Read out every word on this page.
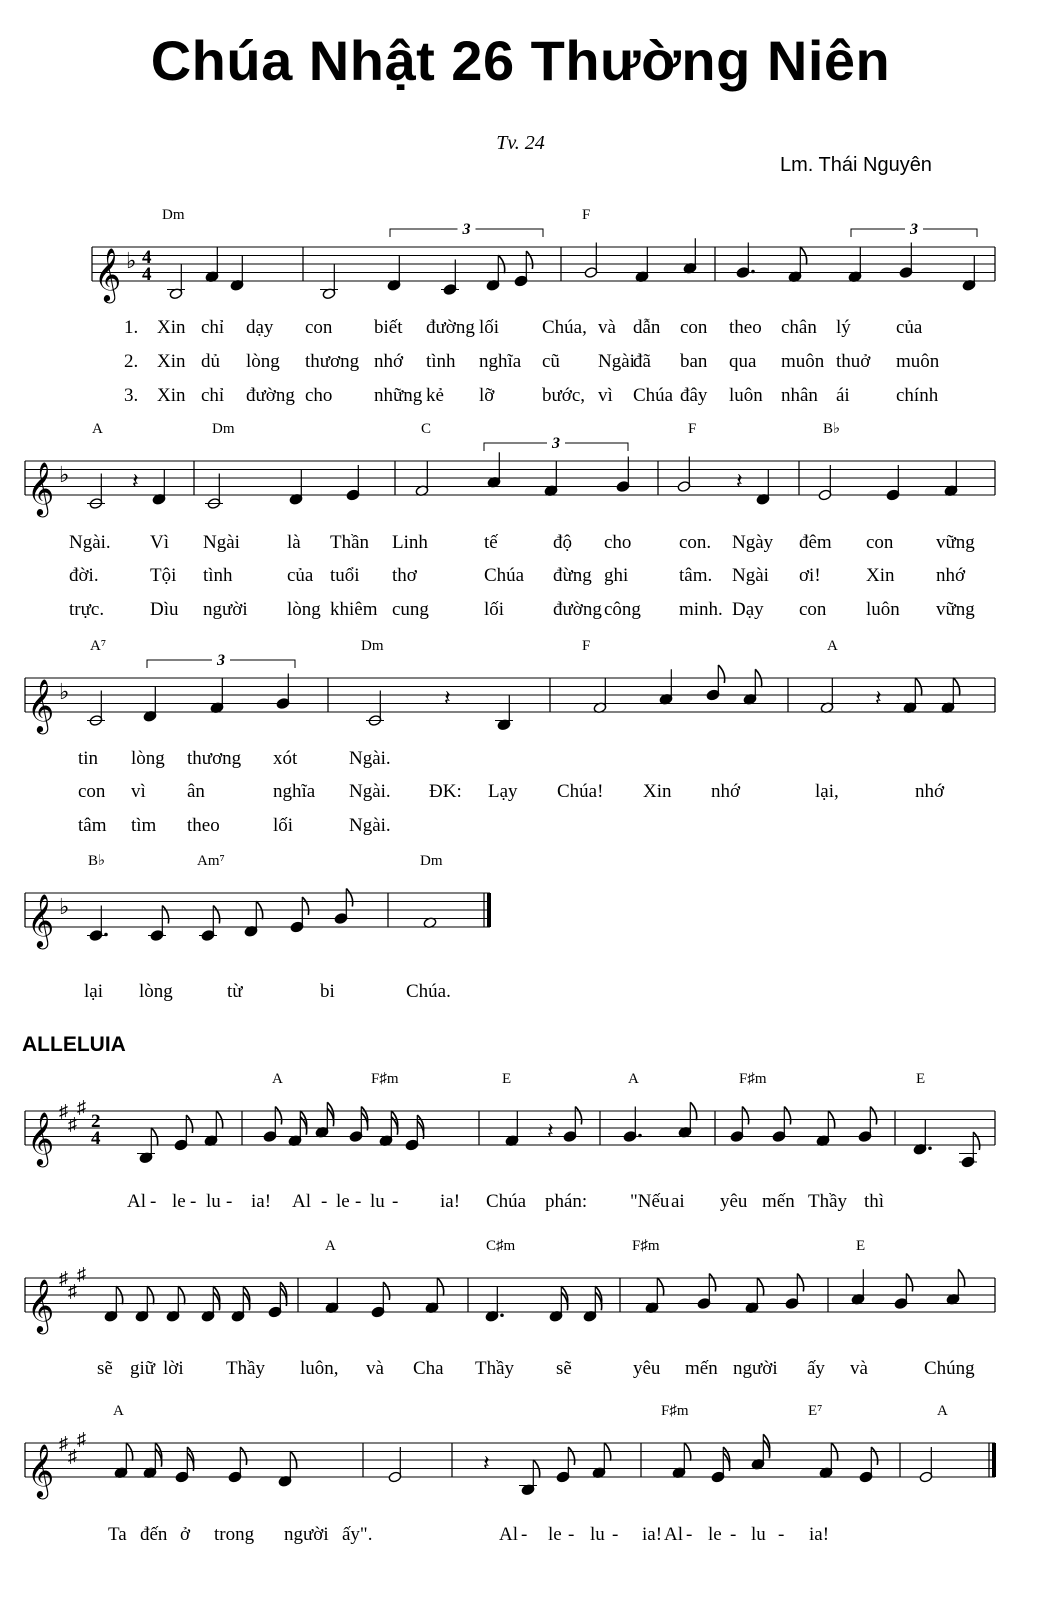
Chúa Nhật 26 Thường Niên
Tv. 24
Lm. Thái Nguyên
ALLELUIA
𝄞 ♭ 4
4
3	3
Dm	F
1. Xin chỉ dạy con biết đường lối Chúa, và dẫn con theo chân lý của
2. Xin dủ lòng thương nhớ tình nghĩa cũ Ngài
đã ban qua muôn thuở muôn
3. Xin chỉ đường cho những kẻ lỡ	bước, vì Chúa đây luôn nhân ái chính
𝄞 ♭
3
𝄽	𝄽
A	Dm	C	F	B♭
Ngài. Vì Ngài là Thần Linh	tế	độ cho	con. Ngày đêm con vững
đời.	Tội tình	của tuổi thơ	Chúa đừng ghi	tâm. Ngài ơi! Xin nhớ
trực. Dìu người lòng khiêm cung	lối	đường công minh. Dạy con luôn vững
𝄞 ♭
3
𝄽	𝄽
A⁷	Dm	F	A
tin lòng thương xót	Ngài.
con vì ân	nghĩa Ngài. ĐK: Lạy Chúa! Xin nhớ	lại,	nhớ
tâm tìm theo	lối	Ngài.
𝄞 ♭
B♭	Am⁷	Dm
lại lòng	từ	bi	Chúa.
𝄞 ♯
♯
♯
2
4	𝄽
A	F♯m	E	A	F♯m	E
Al - le - lu - ia! Al - le - lu - ia! Chúa phán: "Nếu ai yêu mến Thầy thì
𝄞 ♯
♯
♯
A	C♯m	F♯m	E
sẽ giữ lời Thầy luôn, và Cha Thầy sẽ	yêu mến người ấy và	Chúng
𝄞 ♯
♯
♯
𝄽
A	F♯m	E⁷	A
Ta đến ở trong người ấy".	Al - le - lu - ia! Al - le - lu - ia!
